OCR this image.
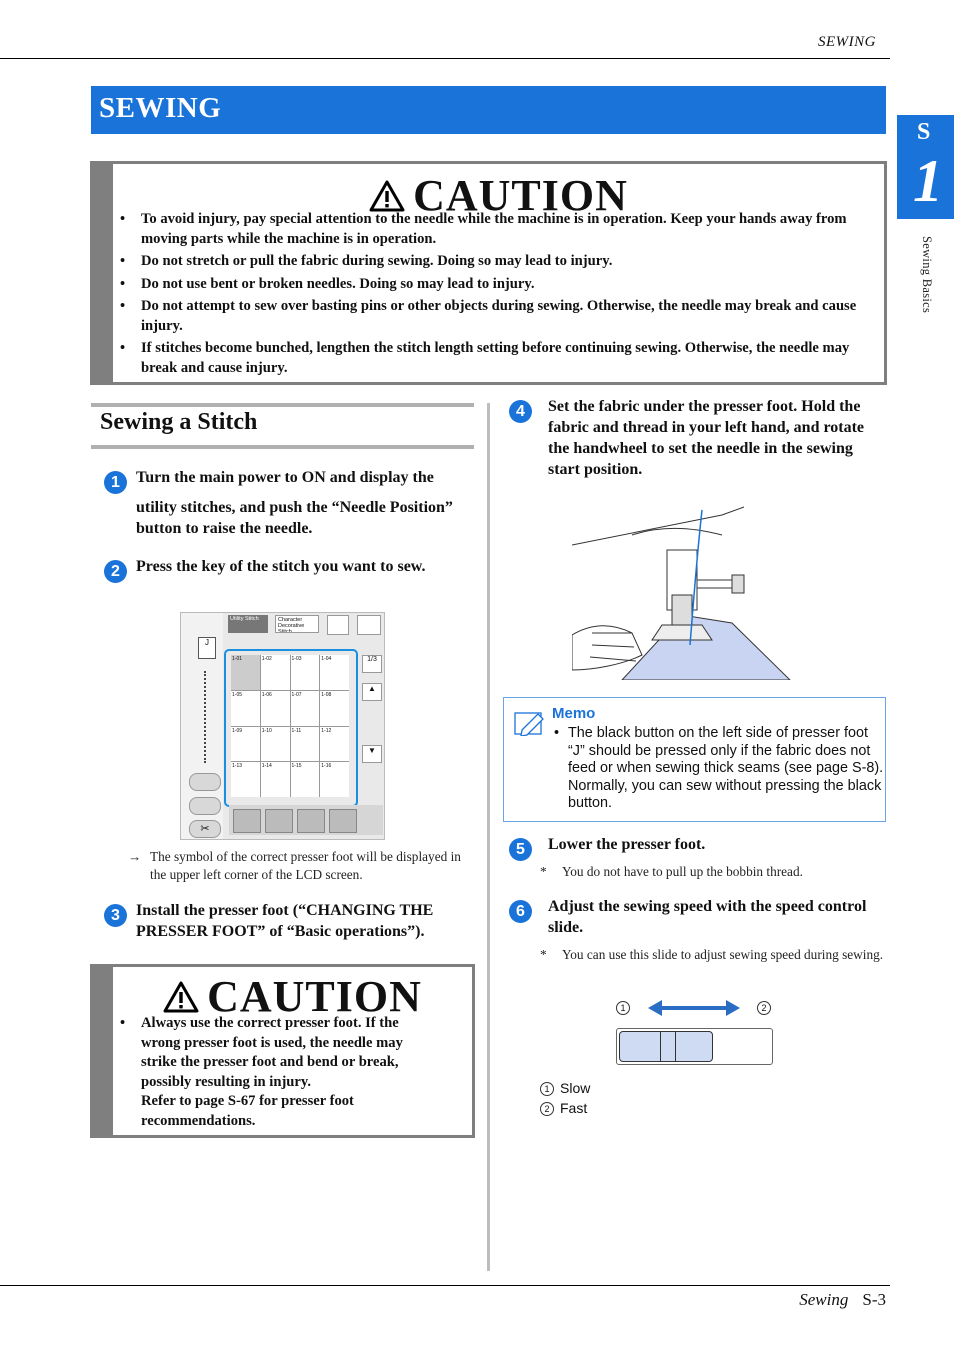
SEWING
SEWING
S
1
Sewing Basics
CAUTION
• To avoid injury, pay special attention to the needle while the machine is in operation. Keep your hands away from moving parts while the machine is in operation.
• Do not stretch or pull the fabric during sewing. Doing so may lead to injury.
• Do not use bent or broken needles. Doing so may lead to injury.
• Do not attempt to sew over basting pins or other objects during sewing. Otherwise, the needle may break and cause injury.
• If stitches become bunched, lengthen the stitch length setting before continuing sewing. Otherwise, the needle may break and cause injury.
Sewing a Stitch
1	Turn the main power to ON and display the
utility stitches, and push the “Needle Position” button to raise the needle.
2	Press the key of the stitch you want to sew.
J
✂
Utility Stitch	Character Decorative Stitch
1-01	1-02	1-03	1-04
1-05	1-06	1-07	1-08
1-09	1-10	1-11	1-12
1-13	1-14	1-15	1-16
1/3
▲
▼
→ The symbol of the correct presser foot will be displayed in the upper left corner of the LCD screen.
3	Install the presser foot (“CHANGING THE PRESSER FOOT” of “Basic operations”).
CAUTION
• Always use the correct presser foot. If the wrong presser foot is used, the needle may strike the presser foot and bend or break, possibly resulting in injury.
Refer to page S-67 for presser foot recommendations.
4	Set the fabric under the presser foot. Hold the fabric and thread in your left hand, and rotate the handwheel to set the needle in the sewing start position.
Memo
• The black button on the left side of presser foot “J” should be pressed only if the fabric does not feed or when sewing thick seams (see page S-8). Normally, you can sew without pressing the black button.
5	Lower the presser foot.
*	You do not have to pull up the bobbin thread.
6	Adjust the sewing speed with the speed control slide.
*	You can use this slide to adjust sewing speed during sewing.
1	2
1 Slow
2 Fast
Sewing S-3
